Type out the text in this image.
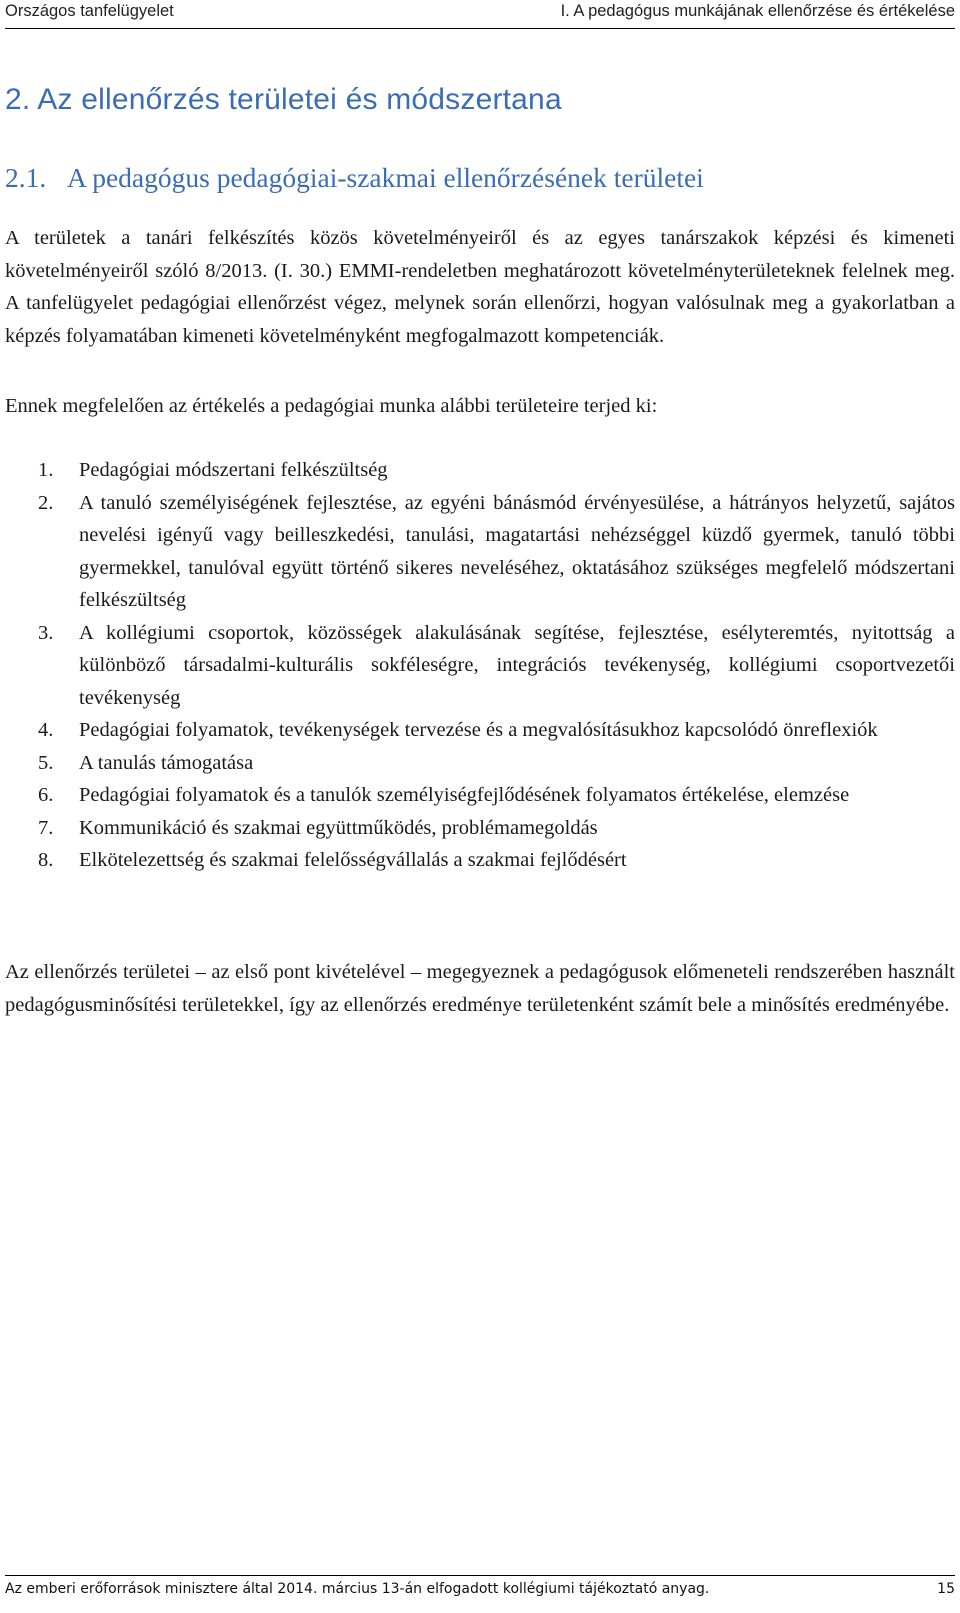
Országos tanfelügyelet	I. A pedagógus munkájának ellenőrzése és értékelése
2. Az ellenőrzés területei és módszertana
2.1. A pedagógus pedagógiai-szakmai ellenőrzésének területei

A területek a tanári felkészítés közös követelményeiről és az egyes tanárszakok képzési és kimeneti követelményeiről szóló 8/2013. (I. 30.) EMMI-rendeletben meghatározott követelményterületeknek felelnek meg. A tanfelügyelet pedagógiai ellenőrzést végez, melynek során ellenőrzi, hogyan valósulnak meg a gyakorlatban a képzés folyamatában kimeneti követelményként megfogalmazott kompetenciák.

Ennek megfelelően az értékelés a pedagógiai munka alábbi területeire terjed ki:

1. Pedagógiai módszertani felkészültség
2. A tanuló személyiségének fejlesztése, az egyéni bánásmód érvényesülése, a hátrányos helyzetű, sajátos nevelési igényű vagy beilleszkedési, tanulási, magatartási nehézséggel küzdő gyermek, tanuló többi gyermekkel, tanulóval együtt történő sikeres neveléséhez, oktatásához szükséges megfelelő módszertani felkészültség
3. A kollégiumi csoportok, közösségek alakulásának segítése, fejlesztése, esélyteremtés, nyitottság a különböző társadalmi-kulturális sokféleségre, integrációs tevékenység, kollégiumi csoportvezetői tevékenység
4. Pedagógiai folyamatok, tevékenységek tervezése és a megvalósításukhoz kapcsolódó önreflexiók
5. A tanulás támogatása
6. Pedagógiai folyamatok és a tanulók személyiségfejlődésének folyamatos értékelése, elemzése
7. Kommunikáció és szakmai együttműködés, problémamegoldás
8. Elkötelezettség és szakmai felelősségvállalás a szakmai fejlődésért

Az ellenőrzés területei – az első pont kivételével – megegyeznek a pedagógusok előmeneteli rendszerében használt pedagógusminősítési területekkel, így az ellenőrzés eredménye területenként számít bele a minősítés eredményébe.

Az emberi erőforrások minisztere által 2014. március 13-án elfogadott kollégiumi tájékoztató anyag.	15
